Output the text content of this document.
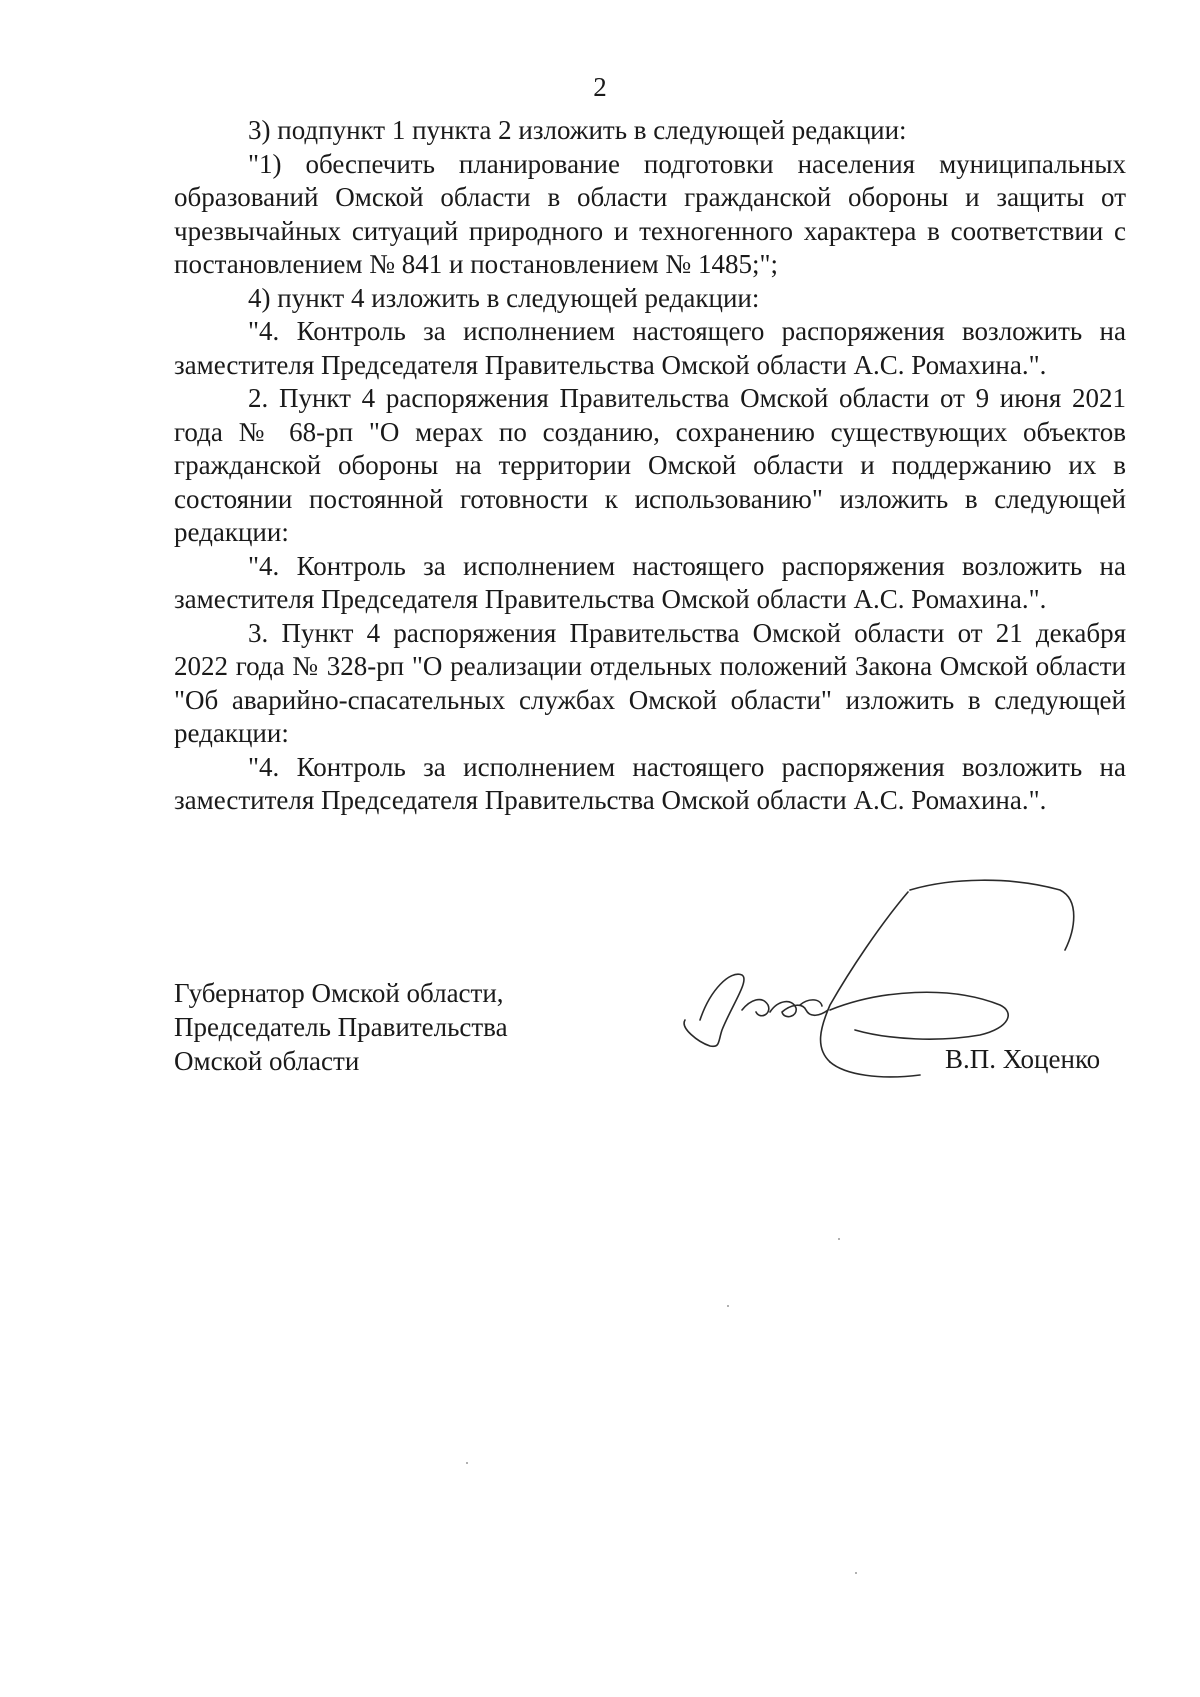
2

3) подпункт 1 пункта 2 изложить в следующей редакции:

"1) обеспечить планирование подготовки населения муниципальных образований Омской области в области гражданской обороны и защиты от чрезвычайных ситуаций природного и техногенного характера в соответствии с постановлением № 841 и постановлением № 1485;";

4) пункт 4 изложить в следующей редакции:

"4. Контроль за исполнением настоящего распоряжения возложить на заместителя Председателя Правительства Омской области А.С. Ромахина.".

2. Пункт 4 распоряжения Правительства Омской области от 9 июня 2021 года № 68-рп "О мерах по созданию, сохранению существующих объектов гражданской обороны на территории Омской области и поддержанию их в состоянии постоянной готовности к использованию" изложить в следующей редакции:

"4. Контроль за исполнением настоящего распоряжения возложить на заместителя Председателя Правительства Омской области А.С. Ромахина.".

3. Пункт 4 распоряжения Правительства Омской области от 21 декабря 2022 года № 328-рп "О реализации отдельных положений Закона Омской области "Об аварийно-спасательных службах Омской области" изложить в следующей редакции:

"4. Контроль за исполнением настоящего распоряжения возложить на заместителя Председателя Правительства Омской области А.С. Ромахина.".

Губернатор Омской области,
Председатель Правительства
Омской области	В.П. Хоценко
